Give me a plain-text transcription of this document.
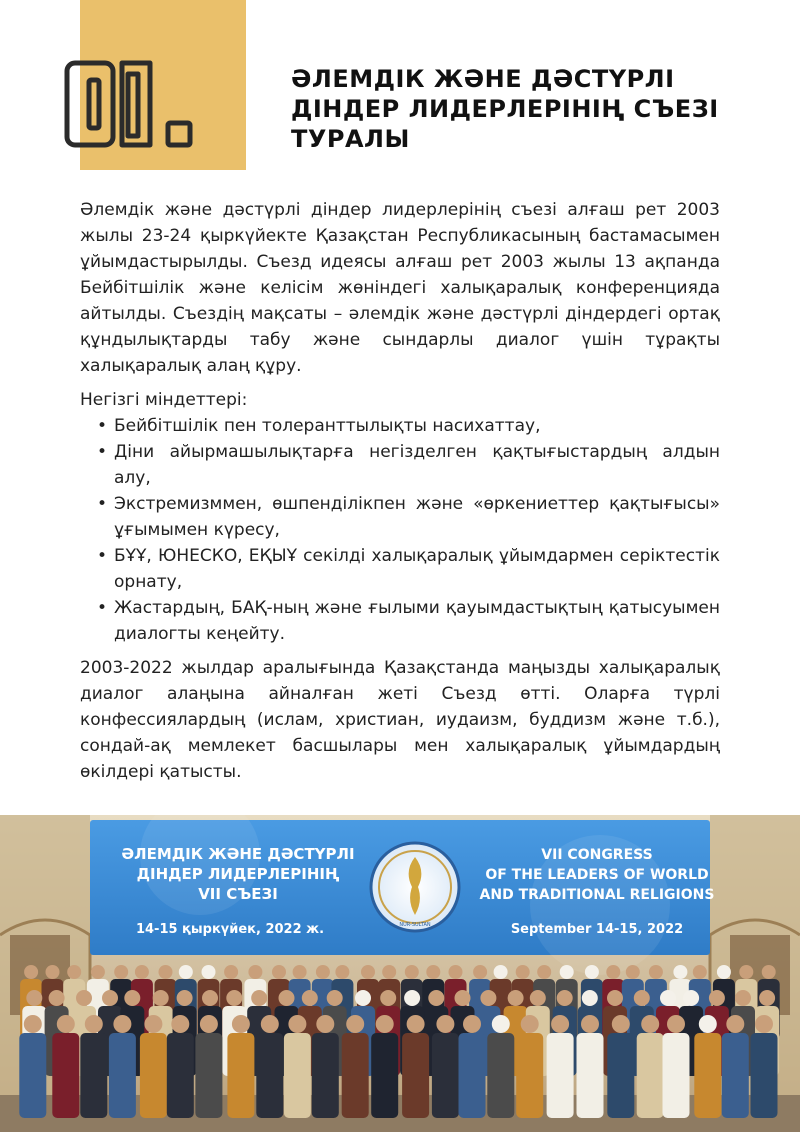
ӘЛЕМДІК ЖӘНЕ ДӘСТҮРЛІ
ДІНДЕР ЛИДЕРЛЕРІНІҢ СЪЕЗІ
ТУРАЛЫ

Әлемдік және дәстүрлі діндер лидерлерінің съезі алғаш рет 2003 жылы 23-24 қыркүйекте Қазақстан Республикасының бастамасымен ұйымдастырылды. Съезд идеясы алғаш рет 2003 жылы 13 ақпанда Бейбітшілік және келісім жөніндегі халықаралық конференцияда айтылды. Съездің мақсаты – әлемдік және дәстүрлі діндердегі ортақ құндылықтарды табу және сындарлы диалог үшін тұрақты халықаралық алаң құру.

Негізгі міндеттері:

• Бейбітшілік пен толеранттылықты насихаттау,
• Діни айырмашылықтарға негізделген қақтығыстардың алдын алу,
• Экстремизммен, өшпенділікпен және «өркениеттер қақтығысы» ұғымымен күресу,
• БҰҰ, ЮНЕСКО, ЕҚЫҰ секілді халықаралық ұйымдармен серіктестік орнату,
• Жастардың, БАҚ-ның және ғылыми қауымдастықтың қатысуымен диалогты кеңейту.

2003-2022 жылдар аралығында Қазақстанда маңызды халықаралық диалог алаңына айналған жеті Съезд өтті. Оларға түрлі конфессиялардың (ислам, христиан, иудаизм, буддизм және т.б.), сондай-ақ мемлекет басшылары мен халықаралық ұйымдардың өкілдері қатысты.

ӘЛЕМДІК ЖӘНЕ ДӘСТҮРЛІ
ДІНДЕР ЛИДЕРЛЕРІНІҢ
VII СЪЕЗІ
14-15 қыркүйек, 2022 ж.	NUR-SULTAN
VII CONGRESS
OF THE LEADERS OF WORLD
AND TRADITIONAL RELIGIONS
September 14-15, 2022
